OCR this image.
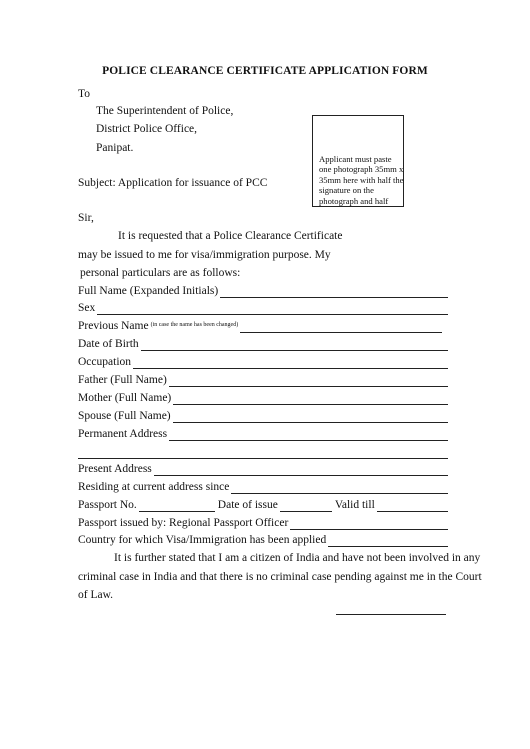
POLICE CLEARANCE CERTIFICATE APPLICATION FORM
To
The Superintendent of Police,
District Police Office,
Panipat.
Applicant must paste one photograph 35mm x 35mm here with half the signature on the photograph and half
Subject: Application for issuance of PCC
Sir,
It is requested that a Police Clearance Certificate
may be issued to me for visa/immigration purpose. My
personal particulars are as follows:
Full Name (Expanded Initials)
Sex
Previous Name (in case the name has been changed)
Date of Birth
Occupation
Father (Full Name)
Mother (Full Name)
Spouse (Full Name)
Permanent Address
Present Address
Residing at current address since
Passport No.	Date of issue	Valid till
Passport issued by: Regional Passport Officer
Country for which Visa/Immigration has been applied
It is further stated that I am a citizen of India and have not been involved in any
criminal case in India and that there is no criminal case pending against me in the Court
of Law.
